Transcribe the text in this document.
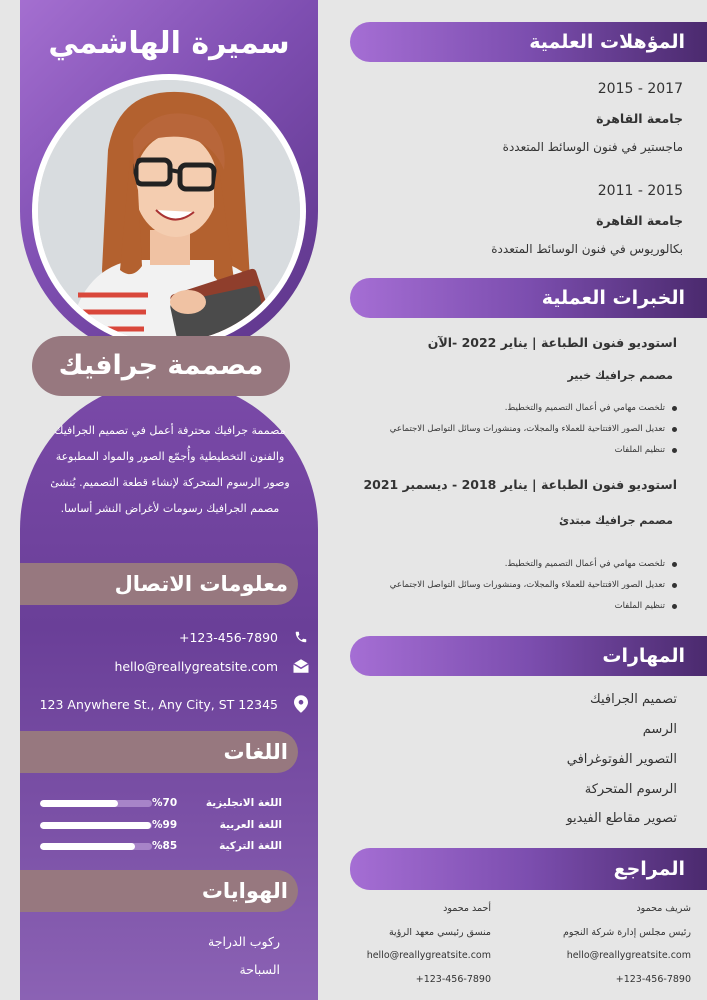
سميرة الهاشمي
مصممة جرافيك
مصممة جرافيك محترفة أعمل في تصميم الجرافيك والفنون التخطيطية وأُجمّع الصور والمواد المطبوعة وصور الرسوم المتحركة لإنشاء قطعة التصميم. يُنشئ مصمم الجرافيك رسومات لأغراض النشر أساسا.
معلومات الاتصال
+123-456-7890
hello@reallygreatsite.com
123 Anywhere St., Any City, ST 12345
اللغات
اللغة الانجليزية
%70
اللغة العربية
%99
اللغة التركية
%85
الهوايات
ركوب الدراجة
السباحة
المؤهلات العلمية
2017 - 2015
جامعة القاهرة
ماجستير في فنون الوسائط المتعددة
2015 - 2011
جامعة القاهرة
بكالوريوس في فنون الوسائط المتعددة
الخبرات العملية
استوديو فنون الطباعة | يناير 2022 -الآن
مصمم جرافيك خبير
تلخصت مهامي في أعمال التصميم والتخطيط.
تعديل الصور الافتتاحية للعملاء والمجلات، ومنشورات وسائل التواصل الاجتماعي
تنظيم الملفات
استوديو فنون الطباعة | يناير 2018 - ديسمبر 2021
مصمم جرافيك مبتدئ
تلخصت مهامي في أعمال التصميم والتخطيط.
تعديل الصور الافتتاحية للعملاء والمجلات، ومنشورات وسائل التواصل الاجتماعي
تنظيم الملفات
المهارات
تصميم الجرافيك
الرسم
التصوير الفوتوغرافي
الرسوم المتحركة
تصوير مقاطع الفيديو
المراجع
شريف محمود
رئيس مجلس إدارة شركة النجوم
hello@reallygreatsite.com
+123-456-7890
أحمد محمود
منسق رئيسي معهد الرؤية
hello@reallygreatsite.com
+123-456-7890
